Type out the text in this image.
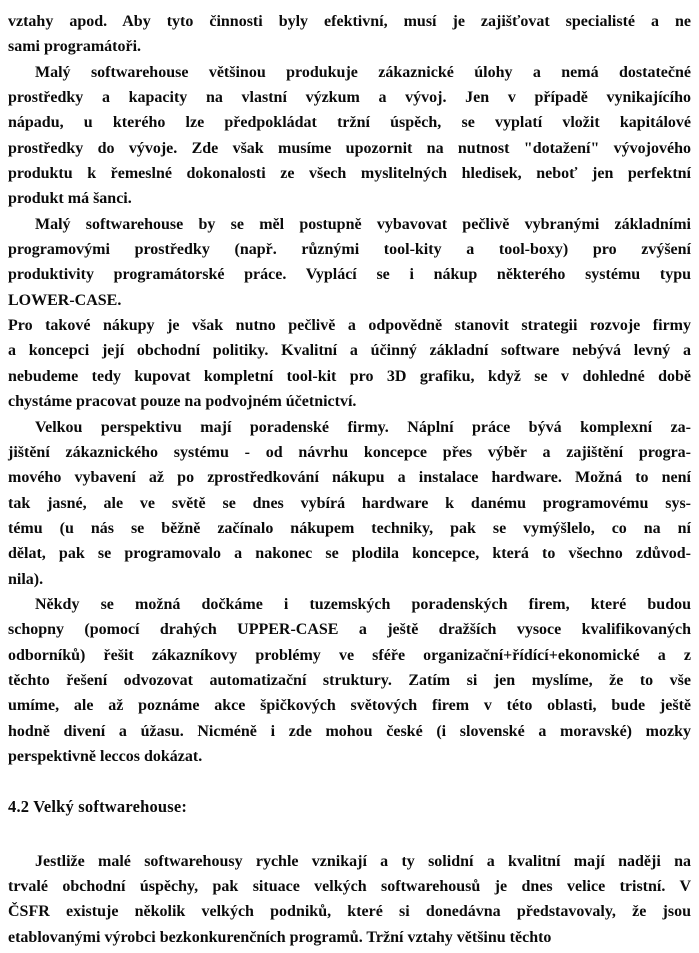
vztahy apod. Aby tyto činnosti byly efektivní, musí je zajišťovat specialisté a ne
sami programátoři.
Malý softwarehouse většinou produkuje zákaznické úlohy a nemá dostatečné
prostředky a kapacity na vlastní výzkum a vývoj. Jen v případě vynikajícího
nápadu, u kterého lze předpokládat tržní úspěch, se vyplatí vložit kapitálové
prostředky do vývoje. Zde však musíme upozornit na nutnost "dotažení" vývojového
produktu k řemeslné dokonalosti ze všech myslitelných hledisek, neboť jen perfektní
produkt má šanci.
Malý softwarehouse by se měl postupně vybavovat pečlivě vybranými základními
programovými prostředky (např. různými tool-kity a tool-boxy) pro zvýšení
produktivity programátorské práce. Vyplácí se i nákup některého systému typu
LOWER-CASE.
Pro takové nákupy je však nutno pečlivě a odpovědně stanovit strategii rozvoje firmy
a koncepci její obchodní politiky. Kvalitní a účinný základní software nebývá levný a
nebudeme tedy kupovat kompletní tool-kit pro 3D grafiku, když se v dohledné době
chystáme pracovat pouze na podvojném účetnictví.
Velkou perspektivu mají poradenské firmy. Náplní práce bývá komplexní za-
jištění zákaznického systému - od návrhu koncepce přes výběr a zajištění progra-
mového vybavení až po zprostředkování nákupu a instalace hardware. Možná to není
tak jasné, ale ve světě se dnes vybírá hardware k danému programovému sys-
tému (u nás se běžně začínalo nákupem techniky, pak se vymýšlelo, co na ní
dělat, pak se programovalo a nakonec se plodila koncepce, která to všechno zdůvod-
nila).
Někdy se možná dočkáme i tuzemských poradenských firem, které budou
schopny (pomocí drahých UPPER-CASE a ještě dražších vysoce kvalifikovaných
odborníků) řešit zákazníkovy problémy ve sféře organizační+řídící+ekonomické a z
těchto řešení odvozovat automatizační struktury. Zatím si jen myslíme, že to vše
umíme, ale až poznáme akce špičkových světových firem v této oblasti, bude ještě
hodně divení a úžasu. Nicméně i zde mohou české (i slovenské a moravské) mozky
perspektivně leccos dokázat.
4.2 Velký softwarehouse:
Jestliže malé softwarehousy rychle vznikají a ty solidní a kvalitní mají naději na
trvalé obchodní úspěchy, pak situace velkých softwarehousů je dnes velice tristní. V
ČSFR existuje několik velkých podniků, které si donedávna představovaly, že jsou
etablovanými výrobci bezkonkurenčních programů. Tržní vztahy většinu těchto
